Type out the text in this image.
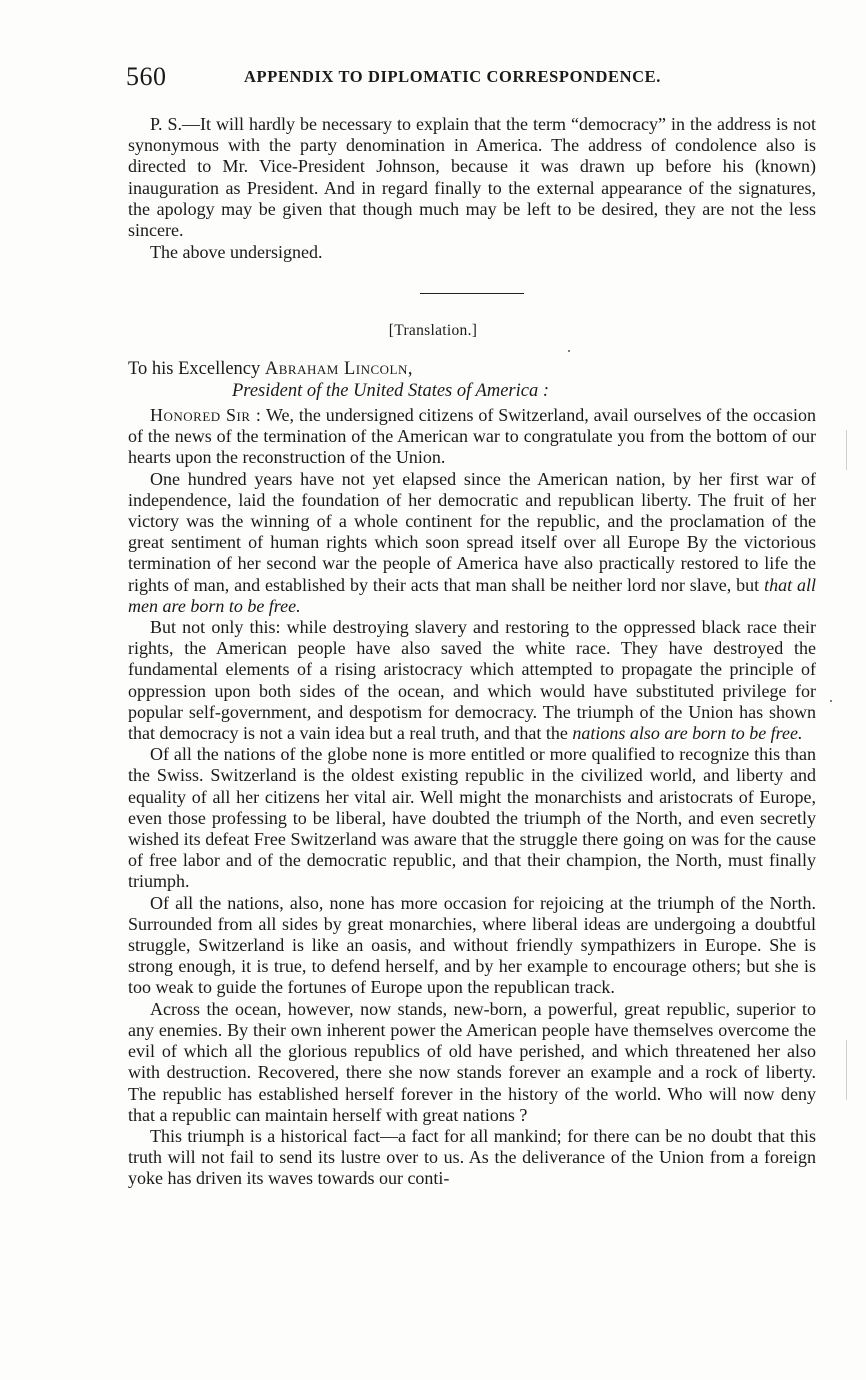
560	APPENDIX TO DIPLOMATIC CORRESPONDENCE.

P. S.—It will hardly be necessary to explain that the term “democracy” in the address is not synonymous with the party denomination in America. The address of condolence also is directed to Mr. Vice-President Johnson, because it was drawn up before his (known) inauguration as President. And in regard finally to the external appearance of the signatures, the apology may be given that though much may be left to be desired, they are not the less sincere.

The above undersigned.
[Translation.]
To his Excellency Abraham Lincoln,
President of the United States of America :

Honored Sir : We, the undersigned citizens of Switzerland, avail ourselves of the occasion of the news of the termination of the American war to congratulate you from the bottom of our hearts upon the reconstruction of the Union.

One hundred years have not yet elapsed since the American nation, by her first war of independence, laid the foundation of her democratic and republican liberty. The fruit of her victory was the winning of a whole continent for the republic, and the proclamation of the great sentiment of human rights which soon spread itself over all Europe By the victorious termination of her second war the people of America have also practically restored to life the rights of man, and established by their acts that man shall be neither lord nor slave, but that all men are born to be free.

But not only this: while destroying slavery and restoring to the oppressed black race their rights, the American people have also saved the white race. They have destroyed the fundamental elements of a rising aristocracy which attempted to propagate the principle of oppression upon both sides of the ocean, and which would have substituted privilege for popular self-government, and despotism for democracy. The triumph of the Union has shown that democracy is not a vain idea but a real truth, and that the nations also are born to be free.

Of all the nations of the globe none is more entitled or more qualified to recognize this than the Swiss. Switzerland is the oldest existing republic in the civilized world, and liberty and equality of all her citizens her vital air. Well might the monarchists and aristocrats of Europe, even those professing to be liberal, have doubted the triumph of the North, and even secretly wished its defeat Free Switzerland was aware that the struggle there going on was for the cause of free labor and of the democratic republic, and that their champion, the North, must finally triumph.

Of all the nations, also, none has more occasion for rejoicing at the triumph of the North. Surrounded from all sides by great monarchies, where liberal ideas are undergoing a doubtful struggle, Switzerland is like an oasis, and without friendly sympathizers in Europe. She is strong enough, it is true, to defend herself, and by her example to encourage others; but she is too weak to guide the fortunes of Europe upon the republican track.

Across the ocean, however, now stands, new-born, a powerful, great republic, superior to any enemies. By their own inherent power the American people have themselves overcome the evil of which all the glorious republics of old have perished, and which threatened her also with destruction. Recovered, there she now stands forever an example and a rock of liberty. The republic has established herself forever in the history of the world. Who will now deny that a republic can maintain herself with great nations ?

This triumph is a historical fact—a fact for all mankind; for there can be no doubt that this truth will not fail to send its lustre over to us. As the deliverance of the Union from a foreign yoke has driven its waves towards our conti-
